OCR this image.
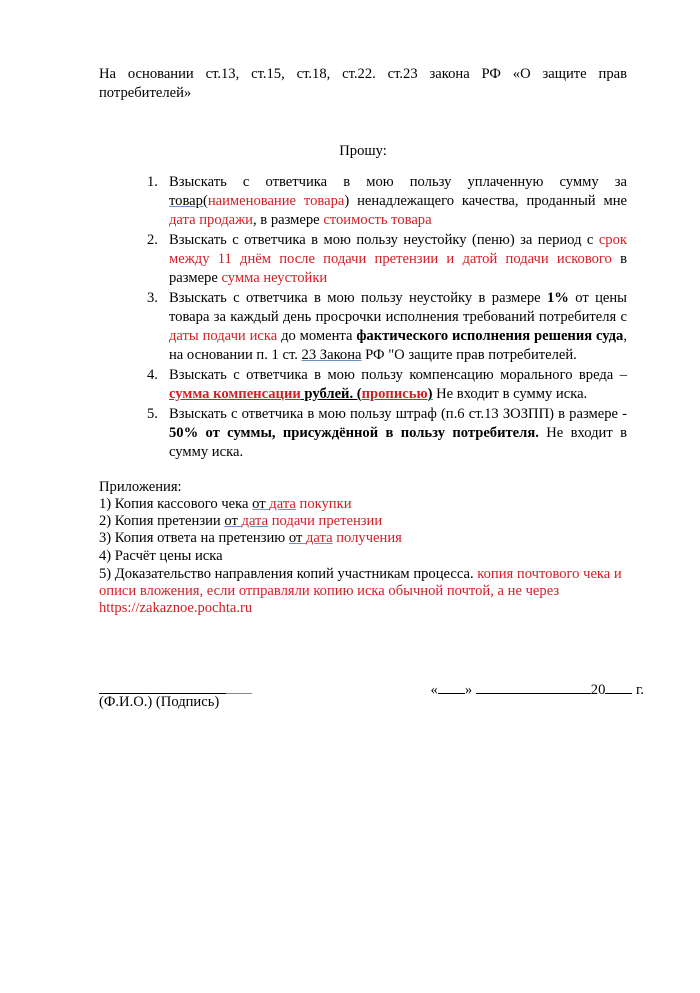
На основании ст.13, ст.15, ст.18, ст.22. ст.23 закона РФ «О защите прав
потребителей»
Прошу:
1. Взыскать с ответчика в мою пользу уплаченную сумму за товар(наименование товара) ненадлежащего качества, проданный мне дата продажи, в размере стоимость товара
2. Взыскать с ответчика в мою пользу неустойку (пеню) за период с срок между 11 днём после подачи претензии и датой подачи искового в размере сумма неустойки
3. Взыскать с ответчика в мою пользу неустойку в размере 1% от цены товара за каждый день просрочки исполнения требований потребителя с даты подачи иска до момента фактического исполнения решения суда, на основании п. 1 ст. 23 Закона РФ "О защите прав потребителей.
4. Взыскать с ответчика в мою пользу компенсацию морального вреда – сумма компенсации рублей. (прописью) Не входит в сумму иска.
5. Взыскать с ответчика в мою пользу штраф (п.6 ст.13 ЗОЗПП) в размере - 50% от суммы, присуждённой в пользу потребителя. Не входит в сумму иска.
Приложения:
1) Копия кассового чека от дата покупки
2) Копия претензии от дата подачи претензии
3) Копия ответа на претензию от дата получения
4) Расчёт цены иска
5) Доказательство направления копий участникам процесса. копия почтового чека и описи вложения, если отправляли копию иска обычной почтой, а не через
https://zakaznoe.pochta.ru
(Ф.И.О.) (Подпись)
« »	20 г.
